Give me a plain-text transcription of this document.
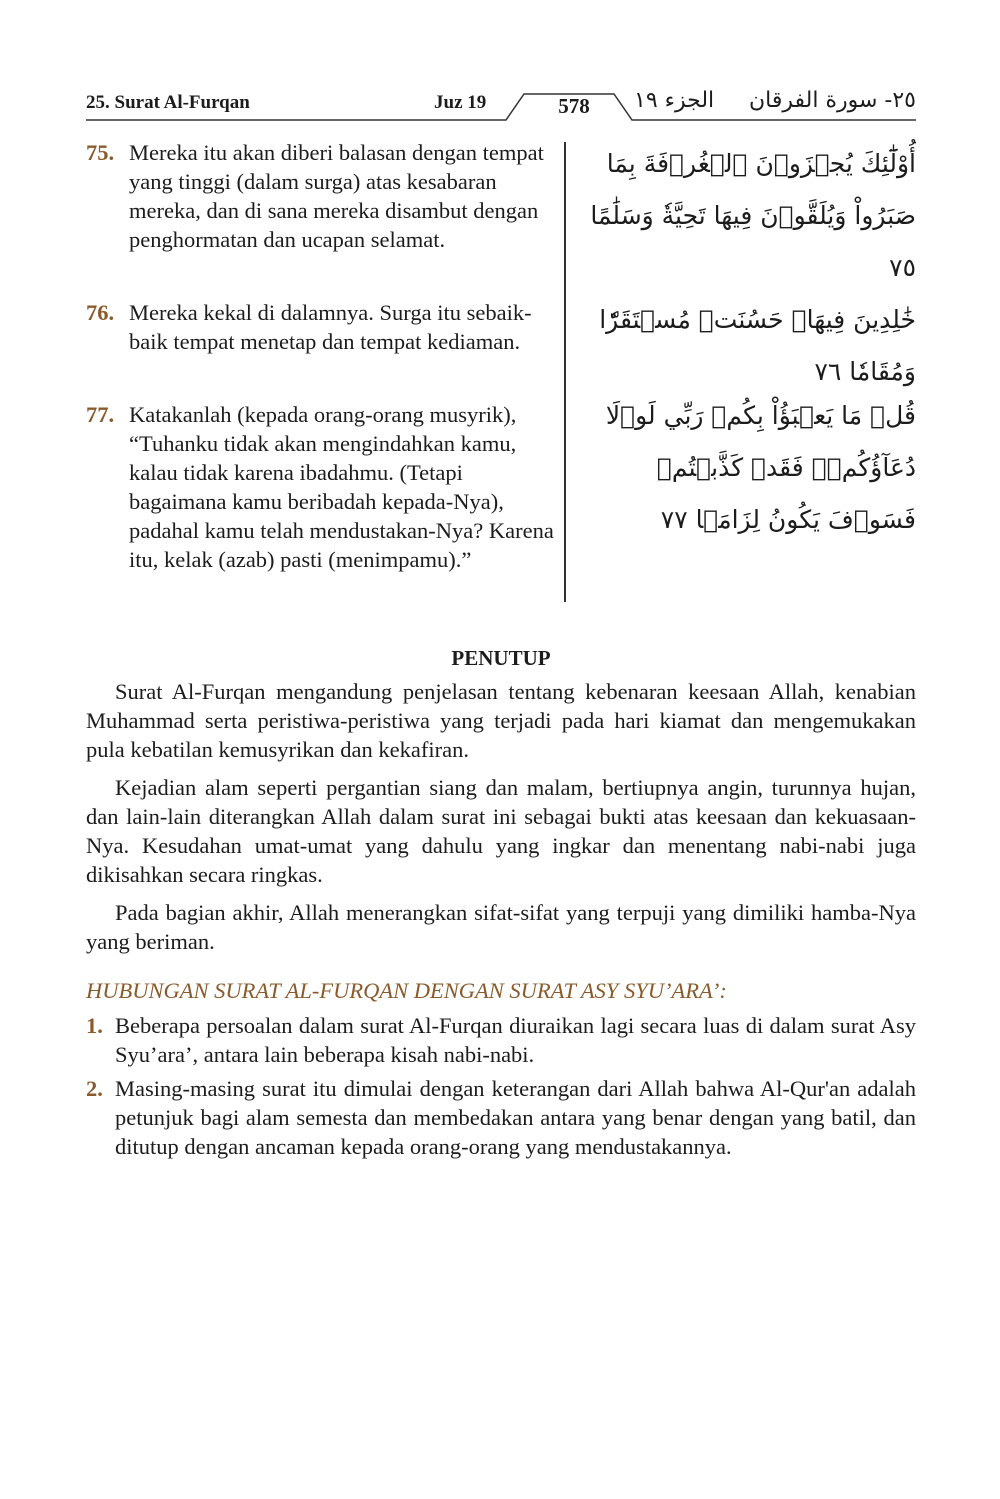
25. Surat Al-Furqan	Juz 19	578	الجزء ١٩ ٢٥- سورة الفرقان
75. Mereka itu akan diberi balasan dengan tempat yang tinggi (dalam surga) atas kesabaran mereka, dan di sana mereka disambut dengan penghormatan dan ucapan selamat.
أُوْلَٰٓئِكَ يُجۡزَوۡنَ ٱلۡغُرۡفَةَ بِمَا صَبَرُواْ وَيُلَقَّوۡنَ فِيهَا تَحِيَّةٗ وَسَلَٰمًا ٧٥
76. Mereka kekal di dalamnya. Surga itu sebaik-baik tempat menetap dan tempat kediaman.
خَٰلِدِينَ فِيهَاۚ حَسُنَتۡ مُسۡتَقَرّٗا وَمُقَامٗا ٧٦
77. Katakanlah (kepada orang-orang musyrik), “Tuhanku tidak akan mengindahkan kamu, kalau tidak karena ibadahmu. (Tetapi bagaimana kamu beribadah kepada-Nya), padahal kamu telah mendustakan-Nya? Karena itu, kelak (azab) pasti (menimpamu).”
قُلۡ مَا يَعۡبَؤُاْ بِكُمۡ رَبِّي لَوۡلَا دُعَآؤُكُمۡۖ فَقَدۡ كَذَّبۡتُمۡ فَسَوۡفَ يَكُونُ لِزَامَۢا ٧٧
PENUTUP

Surat Al-Furqan mengandung penjelasan tentang kebenaran keesaan Allah, kenabian Muhammad serta peristiwa-peristiwa yang terjadi pada hari kiamat dan mengemukakan pula kebatilan kemusyrikan dan kekafiran.

Kejadian alam seperti pergantian siang dan malam, bertiupnya angin, turunnya hujan, dan lain-lain diterangkan Allah dalam surat ini sebagai bukti atas keesaan dan kekuasaan-Nya. Kesudahan umat-umat yang dahulu yang ingkar dan menentang nabi-nabi juga dikisahkan secara ringkas.

Pada bagian akhir, Allah menerangkan sifat-sifat yang terpuji yang dimiliki hamba-Nya yang beriman.

HUBUNGAN SURAT AL-FURQAN DENGAN SURAT ASY SYU’ARA’:
1. Beberapa persoalan dalam surat Al-Furqan diuraikan lagi secara luas di dalam surat Asy Syu’ara’, antara lain beberapa kisah nabi-nabi.
2. Masing-masing surat itu dimulai dengan keterangan dari Allah bahwa Al-Qur'an adalah petunjuk bagi alam semesta dan membedakan antara yang benar dengan yang batil, dan ditutup dengan ancaman kepada orang-orang yang mendustakannya.
